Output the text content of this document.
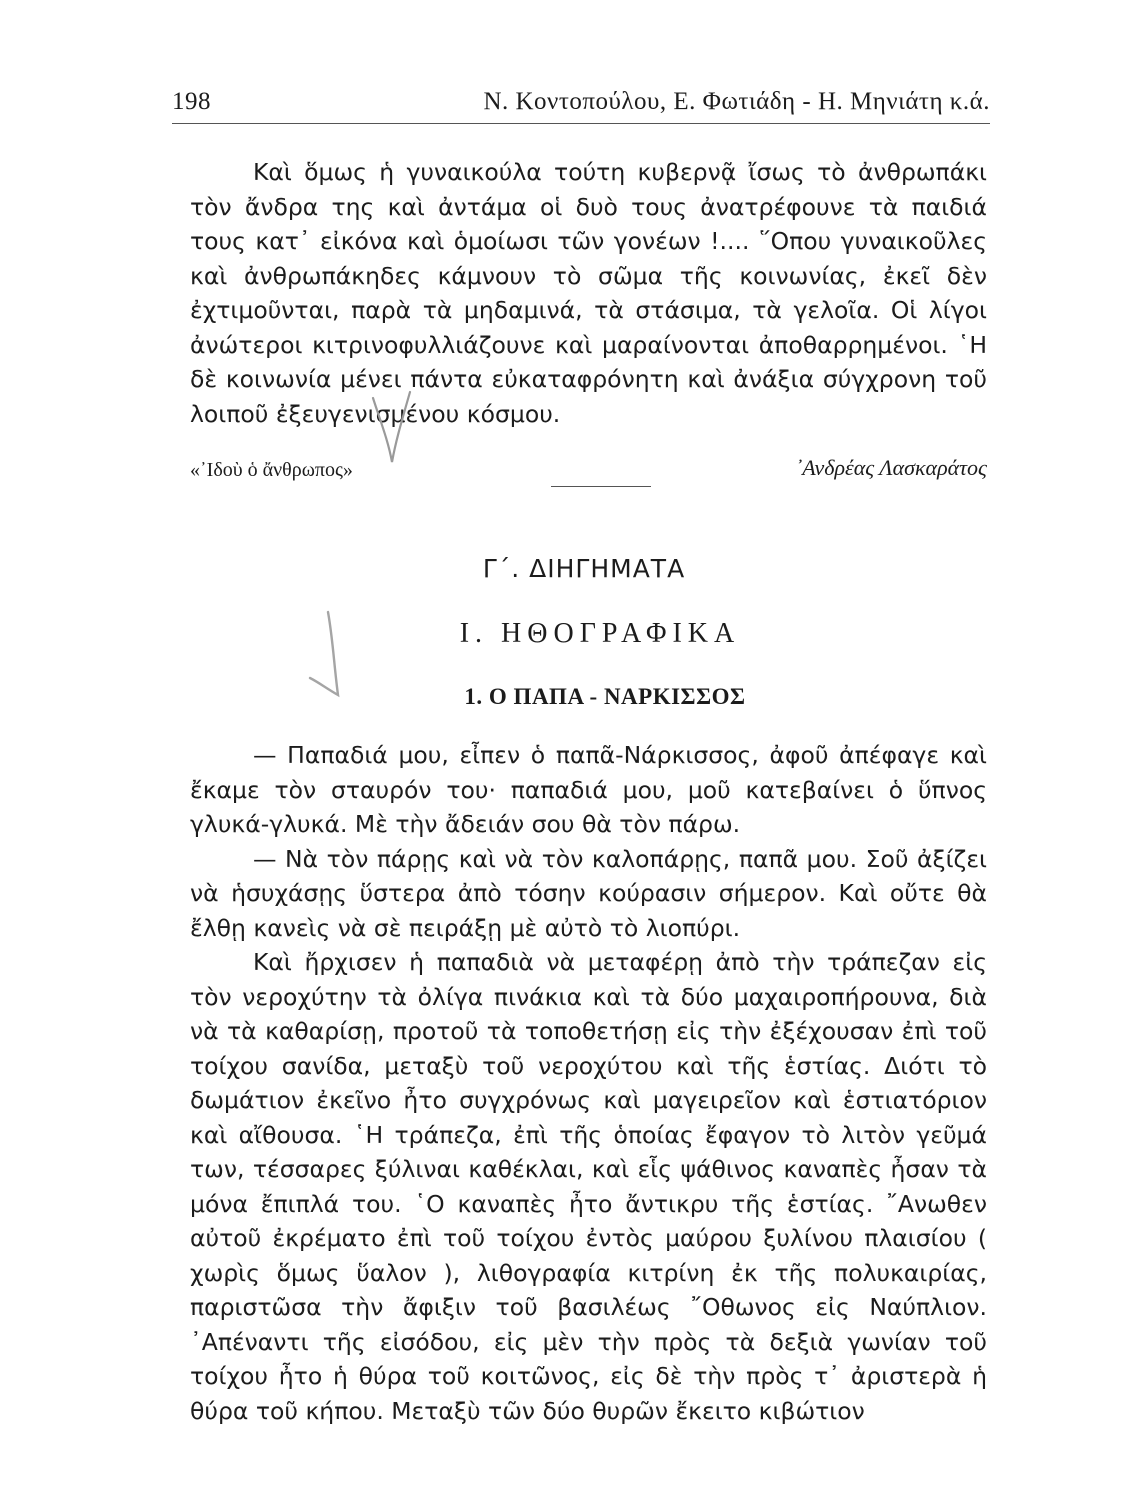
198	Ν. Κοντοπούλου, Ε. Φωτιάδη - Η. Μηνιάτη κ.ά.

Καὶ ὅμως ἡ γυναικούλα τούτη κυβερνᾷ ἴσως τὸ ἀνθρωπάκι τὸν ἄνδρα της καὶ ἀντάμα οἱ δυὸ τους ἀνατρέφουνε τὰ παιδιά τους κατ᾽ εἰκόνα καὶ ὁμοίωσι τῶν γονέων !.... ῞Οπου γυναικοῦλες καὶ ἀνθρωπάκηδες κάμνουν τὸ σῶμα τῆς κοινωνίας, ἐκεῖ δὲν ἐχτιμοῦνται, παρὰ τὰ μηδαμινά, τὰ στάσιμα, τὰ γελοῖα. Οἱ λίγοι ἀνώτεροι κιτρινοφυλλιάζουνε καὶ μαραίνονται ἀποθαρρημένοι. ῾Η δὲ κοινωνία μένει πάντα εὐκαταφρόνητη καὶ ἀνάξια σύγχρονη τοῦ λοιποῦ ἐξευγενισμένου κόσμου.

«᾽Ιδοὺ ὁ ἄνθρωπος»	᾽Ανδρέας Λασκαράτος
Γ΄. ΔΙΗΓΗΜΑΤΑ
Ι. ΗΘΟΓΡΑΦΙΚΑ
1. Ο ΠΑΠΑ - ΝΑΡΚΙΣΣΟΣ

— Παπαδιά μου, εἶπεν ὁ παπᾶ-Νάρκισσος, ἀφοῦ ἀπέφαγε καὶ ἔκαμε τὸν σταυρόν του· παπαδιά μου, μοῦ κατεβαίνει ὁ ὕπνος γλυκά-γλυκά. Μὲ τὴν ἄδειάν σου θὰ τὸν πάρω.

— Νὰ τὸν πάρῃς καὶ νὰ τὸν καλοπάρῃς, παπᾶ μου. Σοῦ ἀξίζει νὰ ἡσυχάσῃς ὕστερα ἀπὸ τόσην κούρασιν σήμερον. Καὶ οὔτε θὰ ἔλθῃ κανεὶς νὰ σὲ πειράξῃ μὲ αὐτὸ τὸ λιοπύρι.

Καὶ ἤρχισεν ἡ παπαδιὰ νὰ μεταφέρῃ ἀπὸ τὴν τράπεζαν εἰς τὸν νεροχύτην τὰ ὀλίγα πινάκια καὶ τὰ δύο μαχαιροπήρουνα, διὰ νὰ τὰ καθαρίσῃ, προτοῦ τὰ τοποθετήσῃ εἰς τὴν ἐξέχουσαν ἐπὶ τοῦ τοίχου σανίδα, μεταξὺ τοῦ νεροχύτου καὶ τῆς ἑστίας. Διότι τὸ δωμάτιον ἐκεῖνο ἦτο συγχρόνως καὶ μαγειρεῖον καὶ ἑστιατόριον καὶ αἴθουσα. ῾Η τράπεζα, ἐπὶ τῆς ὁποίας ἔφαγον τὸ λιτὸν γεῦμά των, τέσσαρες ξύλιναι καθέκλαι, καὶ εἷς ψάθινος καναπὲς ἦσαν τὰ μόνα ἔπιπλά του. ῾Ο καναπὲς ἦτο ἄντικρυ τῆς ἑστίας. ῎Ανωθεν αὐτοῦ ἐκρέματο ἐπὶ τοῦ τοίχου ἐντὸς μαύρου ξυλίνου πλαισίου ( χωρὶς ὅμως ὕαλον ), λιθογραφία κιτρίνη ἐκ τῆς πολυκαιρίας, παριστῶσα τὴν ἄφιξιν τοῦ βασιλέως ῎Οθωνος εἰς Ναύπλιον. ᾽Απέναντι τῆς εἰσόδου, εἰς μὲν τὴν πρὸς τὰ δεξιὰ γωνίαν τοῦ τοίχου ἦτο ἡ θύρα τοῦ κοιτῶνος, εἰς δὲ τὴν πρὸς τ᾽ ἀριστερὰ ἡ θύρα τοῦ κήπου. Μεταξὺ τῶν δύο θυρῶν ἔκειτο κιβώτιον
